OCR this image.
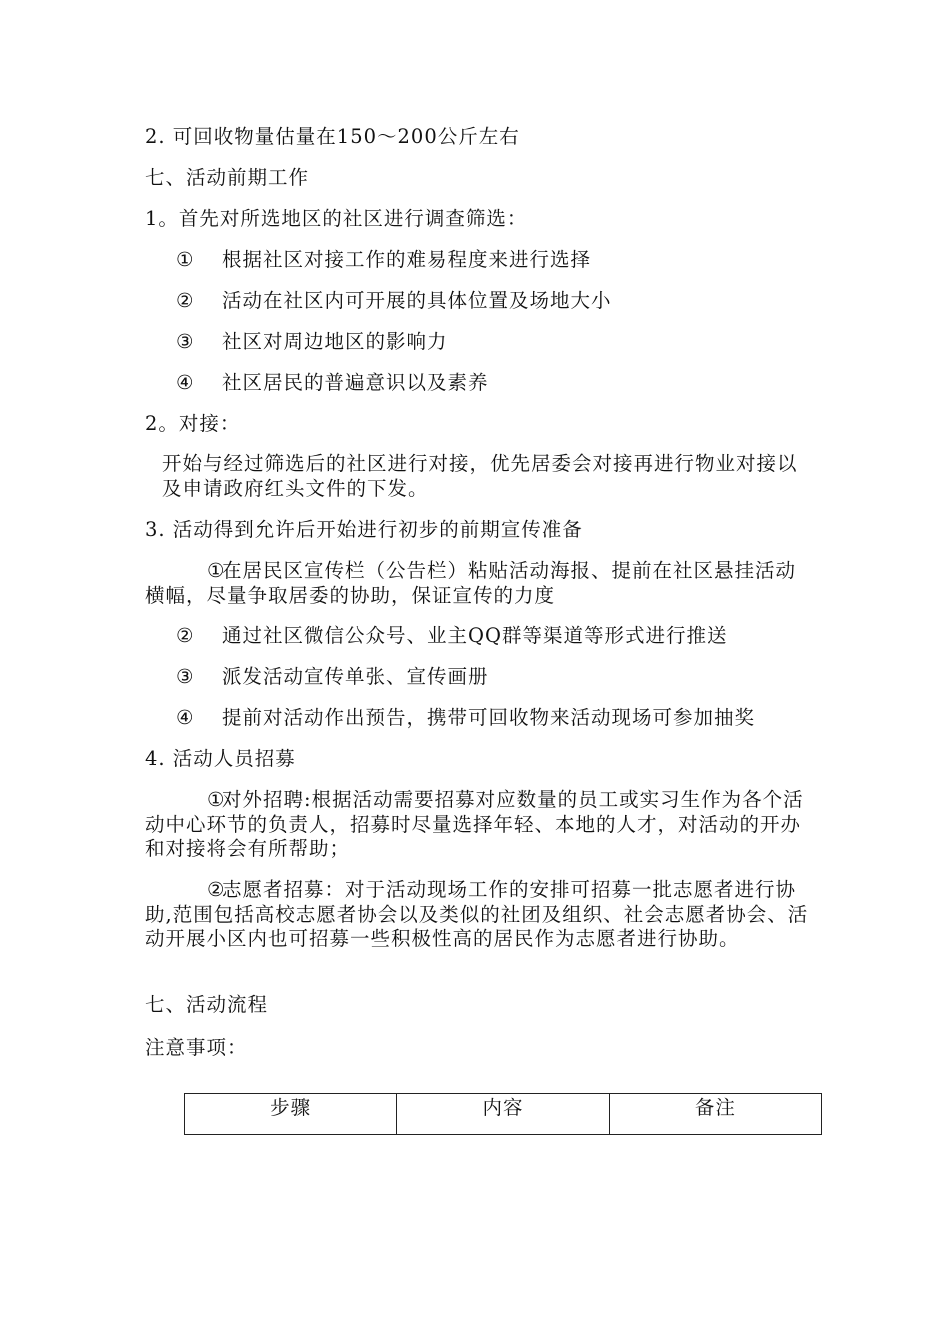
2. 可回收物量估量在150～200公斤左右
七、活动前期工作
1。首先对所选地区的社区进行调查筛选：
① 根据社区对接工作的难易程度来进行选择
② 活动在社区内可开展的具体位置及场地大小
③ 社区对周边地区的影响力
④ 社区居民的普遍意识以及素养
2。对接：
开始与经过筛选后的社区进行对接，优先居委会对接再进行物业对接以及申请政府红头文件的下发。
3. 活动得到允许后开始进行初步的前期宣传准备
①在居民区宣传栏（公告栏）粘贴活动海报、提前在社区悬挂活动横幅，尽量争取居委的协助，保证宣传的力度
② 通过社区微信公众号、业主QQ群等渠道等形式进行推送
③ 派发活动宣传单张、宣传画册
④ 提前对活动作出预告，携带可回收物来活动现场可参加抽奖
4. 活动人员招募
①对外招聘:根据活动需要招募对应数量的员工或实习生作为各个活动中心环节的负责人，招募时尽量选择年轻、本地的人才，对活动的开办和对接将会有所帮助；
②志愿者招募：对于活动现场工作的安排可招募一批志愿者进行协助,范围包括高校志愿者协会以及类似的社团及组织、社会志愿者协会、活动开展小区内也可招募一些积极性高的居民作为志愿者进行协助。
七、活动流程
注意事项：
步骤	内容	备注
